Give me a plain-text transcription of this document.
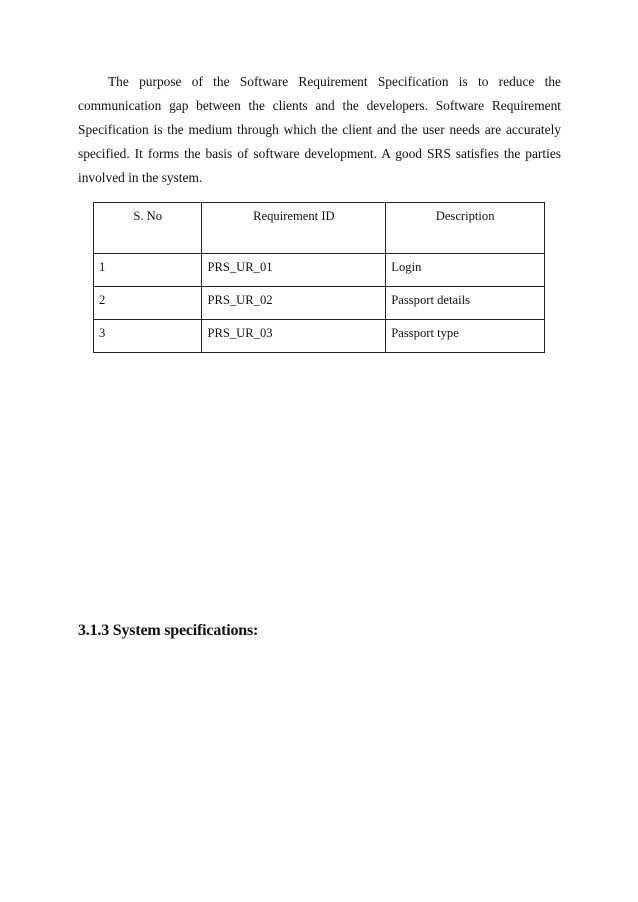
The purpose of the Software Requirement Specification is to reduce the communication gap between the clients and the developers. Software Requirement Specification is the medium through which the client and the user needs are accurately specified. It forms the basis of software development. A good SRS satisfies the parties involved in the system.

S. No	Requirement ID	Description
1	PRS_UR_01	Login
2	PRS_UR_02	Passport details
3	PRS_UR_03	Passport type
3.1.3 System specifications:
